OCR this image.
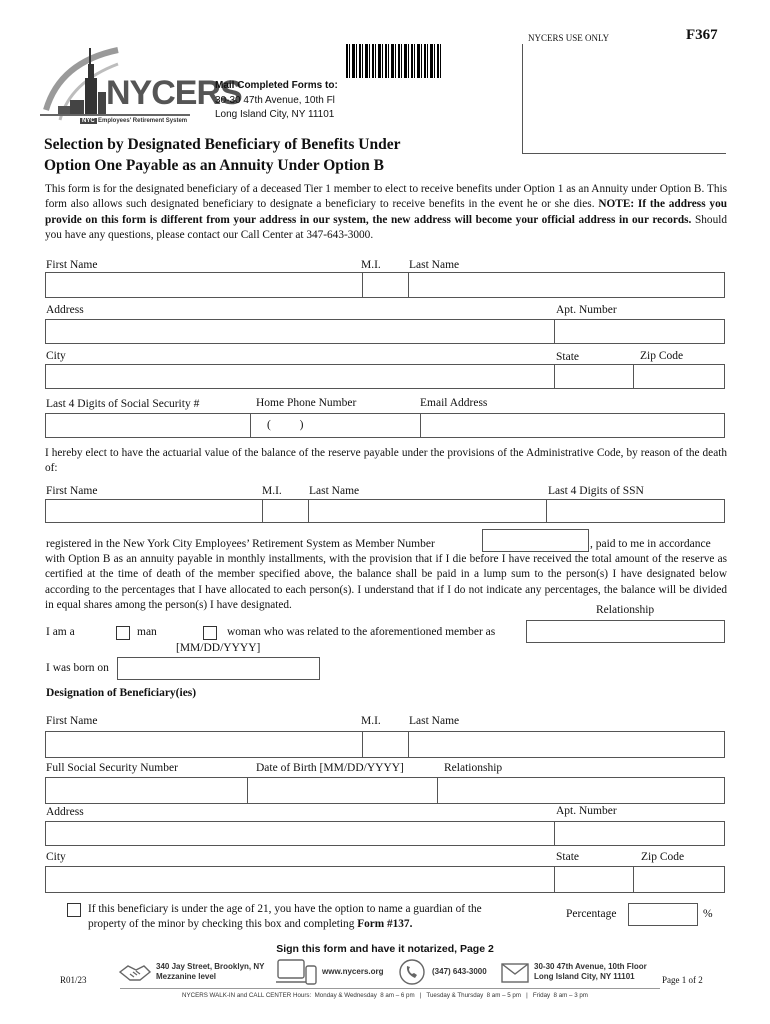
NYCERS USE ONLY	F367
NYCERS
NYC Employees' Retirement System
Mail Completed Forms to:
30-30 47th Avenue, 10th Fl
Long Island City, NY 11101
Selection by Designated Beneficiary of Benefits Under
Option One Payable as an Annuity Under Option B
This form is for the designated beneficiary of a deceased Tier 1 member to elect to receive benefits under Option 1 as an Annuity under Option B. This form also allows such designated beneficiary to designate a beneficiary to receive benefits in the event he or she dies. NOTE: If the address you provide on this form is different from your address in our system, the new address will become your official address in our records. Should you have any questions, please contact our Call Center at 347-643-3000.
First Name	M.I. Last Name
Address	Apt. Number
City	State	Zip Code
Last 4 Digits of Social Security #	Home Phone Number	Email Address
(          )
I hereby elect to have the actuarial value of the balance of the reserve payable under the provisions of the Administrative Code, by reason of the death of:
First Name	M.I. Last Name	Last 4 Digits of SSN
registered in the New York City Employees’ Retirement System as Member Number	, paid to me in accordance
with Option B as an annuity payable in monthly installments, with the provision that if I die before I have received the total amount of the reserve as certified at the time of death of the member specified above, the balance shall be paid in a lump sum to the person(s) I have designated below according to the percentages that I have allocated to each person(s). I understand that if I do not indicate any percentages, the balance will be divided in equal shares among the person(s) I have designated.	Relationship
I am a	man	woman who was related to the aforementioned member as
[MM/DD/YYYY]
I was born on
Designation of Beneficiary(ies)
First Name	M.I. Last Name
Full Social Security Number	Date of Birth [MM/DD/YYYY]	Relationship
Address	Apt. Number
City	State	Zip Code
If this beneficiary is under the age of 21, you have the option to name a guardian of the property of the minor by checking this box and completing Form #137.
Percentage	%
Sign this form and have it notarized, Page 2
R01/23
340 Jay Street, Brooklyn, NY
Mezzanine level
www.nycers.org	(347) 643-3000
30-30 47th Avenue, 10th Floor
Long Island City, NY 11101	Page 1 of 2
NYCERS WALK-IN and CALL CENTER Hours:  Monday & Wednesday  8 am – 6 pm   |   Tuesday & Thursday  8 am – 5 pm   |   Friday  8 am – 3 pm
